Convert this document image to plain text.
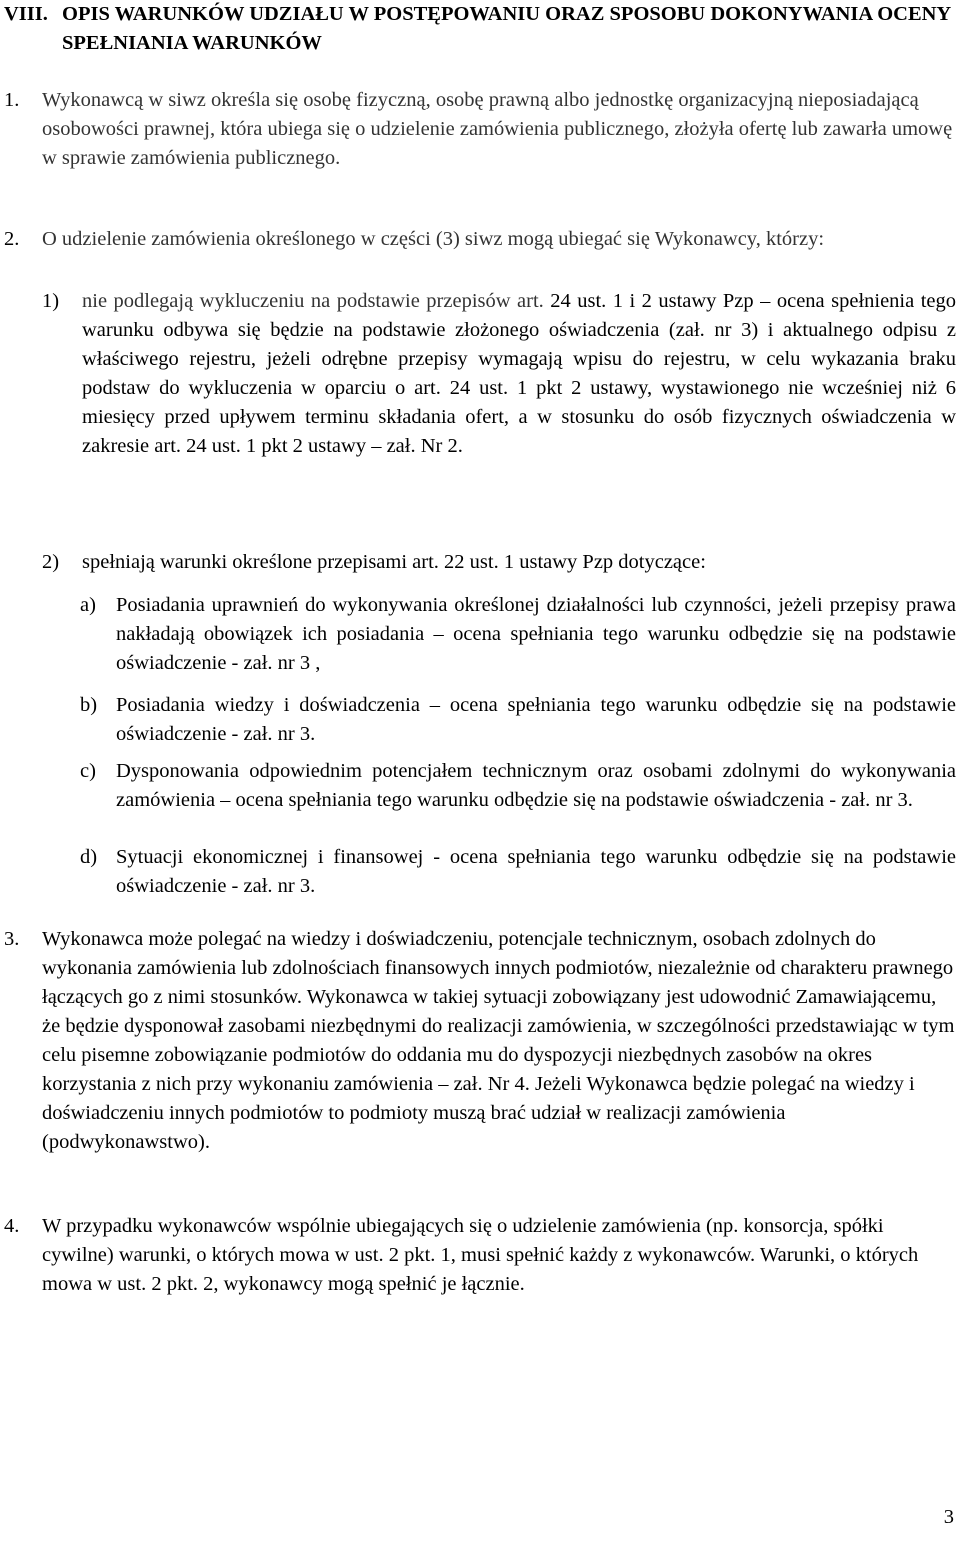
VIII. OPIS WARUNKÓW UDZIAŁU W POSTĘPOWANIU ORAZ SPOSOBU DOKONYWANIA OCENY SPEŁNIANIA WARUNKÓW
1. Wykonawcą w siwz określa się osobę fizyczną, osobę prawną albo jednostkę organizacyjną nieposiadającą osobowości prawnej, która ubiega się o udzielenie zamówienia publicznego, złożyła ofertę lub zawarła umowę w sprawie zamówienia publicznego.
2. O udzielenie zamówienia określonego w części (3) siwz mogą ubiegać się Wykonawcy, którzy:
1) nie podlegają wykluczeniu na podstawie przepisów art. 24 ust. 1 i 2 ustawy Pzp – ocena spełnienia tego warunku odbywa się będzie na podstawie złożonego oświadczenia (zał. nr 3) i aktualnego odpisu z właściwego rejestru, jeżeli odrębne przepisy wymagają wpisu do rejestru, w celu wykazania braku podstaw do wykluczenia w oparciu o art. 24 ust. 1 pkt 2 ustawy, wystawionego nie wcześniej niż 6 miesięcy przed upływem terminu składania ofert, a w stosunku do osób fizycznych oświadczenia w zakresie art. 24 ust. 1 pkt 2 ustawy – zał. Nr 2.
2) spełniają warunki określone przepisami art. 22 ust. 1 ustawy Pzp dotyczące:
a) Posiadania uprawnień do wykonywania określonej działalności lub czynności, jeżeli przepisy prawa nakładają obowiązek ich posiadania – ocena spełniania tego warunku odbędzie się na podstawie oświadczenie - zał. nr 3 ,
b) Posiadania wiedzy i doświadczenia – ocena spełniania tego warunku odbędzie się na podstawie oświadczenie - zał. nr 3.
c) Dysponowania odpowiednim potencjałem technicznym oraz osobami zdolnymi do wykonywania zamówienia – ocena spełniania tego warunku odbędzie się na podstawie oświadczenia - zał. nr 3.
d) Sytuacji ekonomicznej i finansowej - ocena spełniania tego warunku odbędzie się na podstawie oświadczenie - zał. nr 3.
3. Wykonawca może polegać na wiedzy i doświadczeniu, potencjale technicznym, osobach zdolnych do wykonania zamówienia lub zdolnościach finansowych innych podmiotów, niezależnie od charakteru prawnego łączących go z nimi stosunków. Wykonawca w takiej sytuacji zobowiązany jest udowodnić Zamawiającemu, że będzie dysponował zasobami niezbędnymi do realizacji zamówienia, w szczególności przedstawiając w tym celu pisemne zobowiązanie podmiotów do oddania mu do dyspozycji niezbędnych zasobów na okres korzystania z nich przy wykonaniu zamówienia – zał. Nr 4. Jeżeli Wykonawca będzie polegać na wiedzy i doświadczeniu innych podmiotów to podmioty muszą brać udział w realizacji zamówienia (podwykonawstwo).
4. W przypadku wykonawców wspólnie ubiegających się o udzielenie zamówienia (np. konsorcja, spółki cywilne) warunki, o których mowa w ust. 2 pkt. 1, musi spełnić każdy z wykonawców. Warunki, o których mowa w ust. 2 pkt. 2, wykonawcy mogą spełnić je łącznie.
3
